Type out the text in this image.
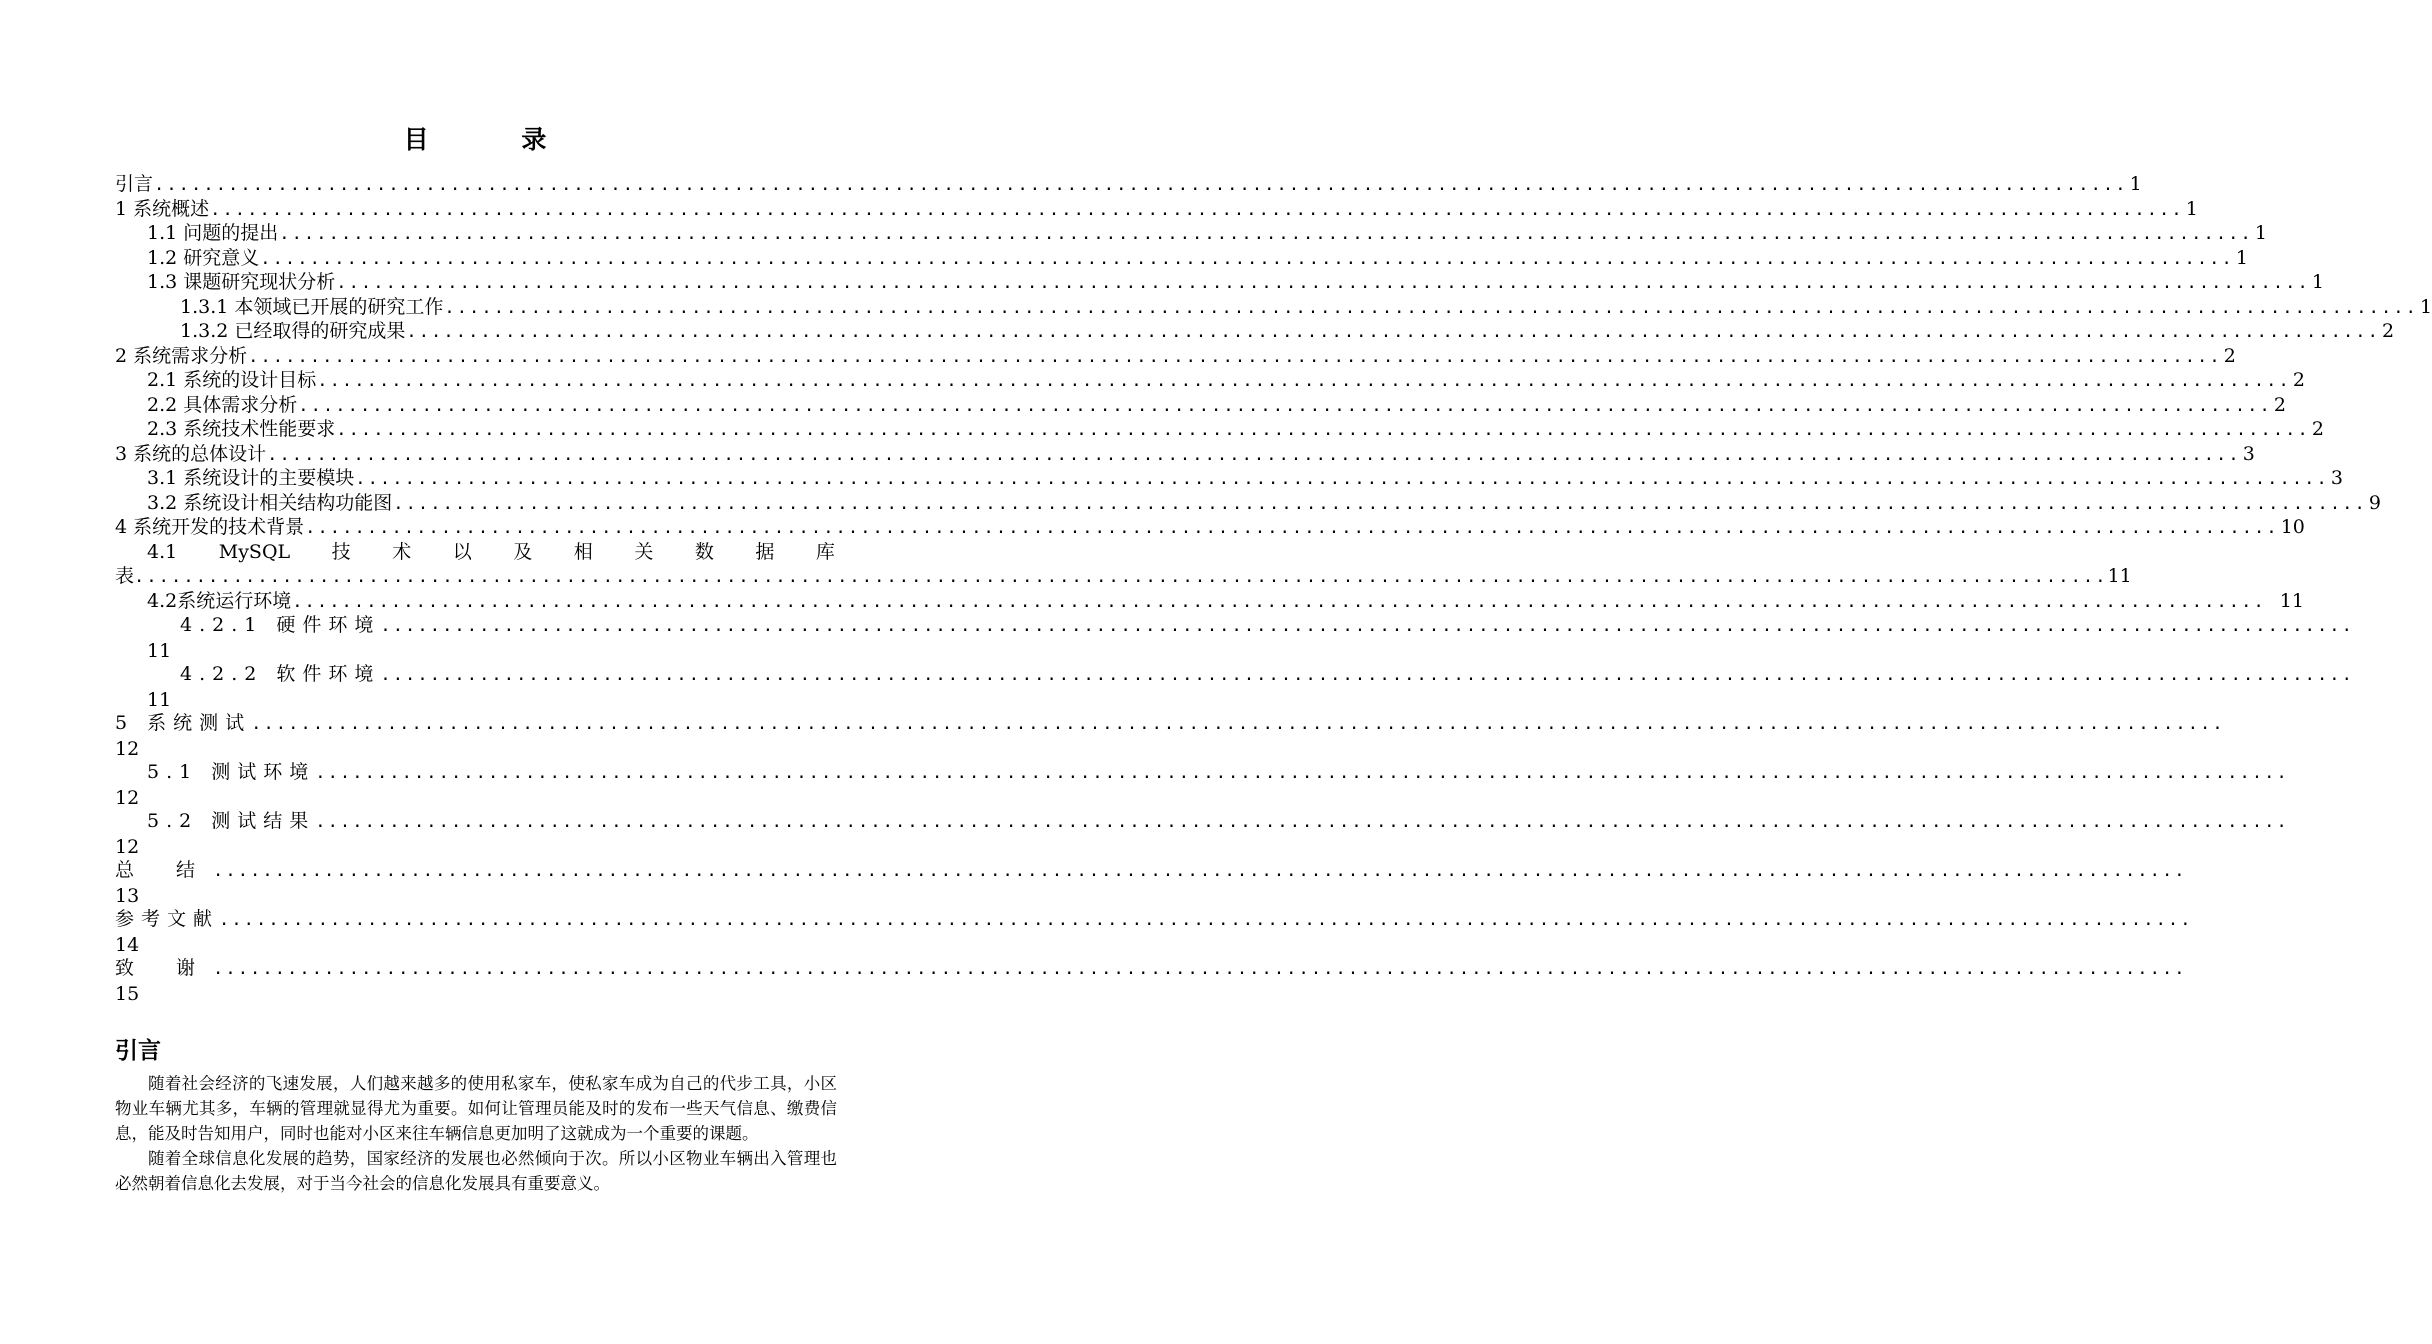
目 录
引言 ................................................................................................................................................................ 1
1 系统概述 ................................................................................................................................................................ 1
1.1 问题的提出 ................................................................................................................................................................ 1
1.2 研究意义 ................................................................................................................................................................ 1
1.3 课题研究现状分析 ................................................................................................................................................................ 1
1.3.1 本领域已开展的研究工作 ................................................................................................................................................................ 1
1.3.2 已经取得的研究成果 ................................................................................................................................................................ 2
2 系统需求分析 ................................................................................................................................................................ 2
2.1 系统的设计目标 ................................................................................................................................................................ 2
2.2 具体需求分析 ................................................................................................................................................................ 2
2.3 系统技术性能要求 ................................................................................................................................................................ 2
3 系统的总体设计 ................................................................................................................................................................ 3
3.1 系统设计的主要模块 ................................................................................................................................................................ 3
3.2 系统设计相关结构功能图 ................................................................................................................................................................ 9
4 系统开发的技术背景 ................................................................................................................................................................ 10
4.1 MySQL 技 术 以 及 相 关 数 据 库
表 ................................................................................................................................................................ 11
4.2系统运行环境 ................................................................................................................................................................ 11
4.2.1 硬件环境 ................................................................................................................................................................
11
4.2.2 软件环境 ................................................................................................................................................................
11
5 系统测试 ................................................................................................................................................................
12
5.1 测试环境 ................................................................................................................................................................
12
5.2 测试结果 ................................................................................................................................................................
12
总 结 ................................................................................................................................................................
13
参考文献 ................................................................................................................................................................
14
致 谢 ................................................................................................................................................................
15
引言

随着社会经济的飞速发展，人们越来越多的使用私家车，使私家车成为自己的代步工具，小区物业车辆尤其多，车辆的管理就显得尤为重要。如何让管理员能及时的发布一些天气信息、缴费信息，能及时告知用户，同时也能对小区来往车辆信息更加明了这就成为一个重要的课题。

随着全球信息化发展的趋势，国家经济的发展也必然倾向于次。所以小区物业车辆出入管理也必然朝着信息化去发展，对于当今社会的信息化发展具有重要意义。
